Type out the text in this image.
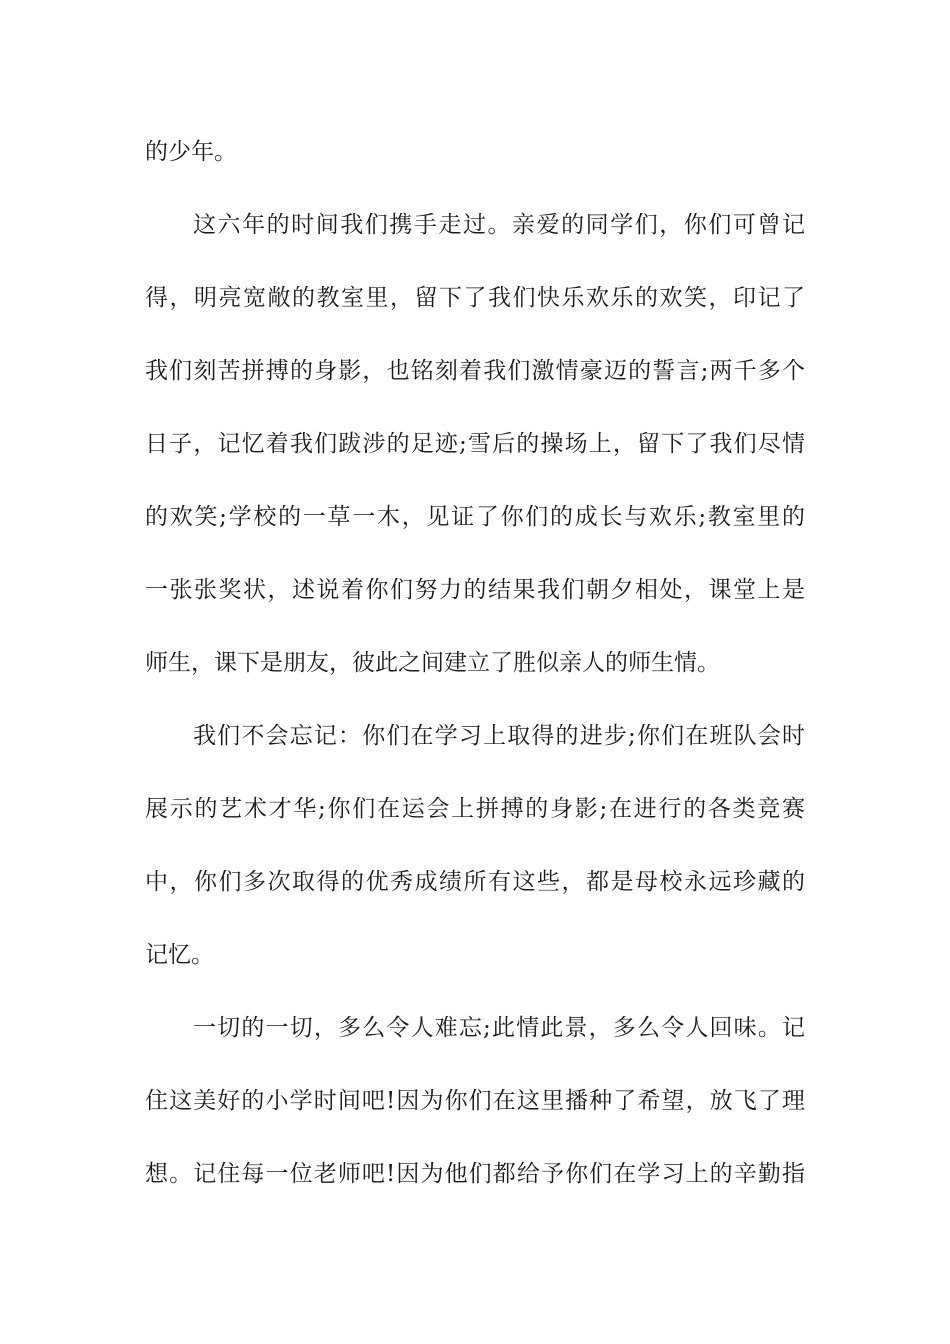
的少年。
这六年的时间我们携手走过。亲爱的同学们，你们可曾记
得，明亮宽敞的教室里，留下了我们快乐欢乐的欢笑，印记了
我们刻苦拼搏的身影，也铭刻着我们激情豪迈的誓言;两千多个
日子，记忆着我们跋涉的足迹;雪后的操场上，留下了我们尽情
的欢笑;学校的一草一木，见证了你们的成长与欢乐;教室里的
一张张奖状，述说着你们努力的结果我们朝夕相处，课堂上是
师生，课下是朋友，彼此之间建立了胜似亲人的师生情。
我们不会忘记：你们在学习上取得的进步;你们在班队会时
展示的艺术才华;你们在运会上拼搏的身影;在进行的各类竞赛
中，你们多次取得的优秀成绩所有这些，都是母校永远珍藏的
记忆。
一切的一切，多么令人难忘;此情此景，多么令人回味。记
住这美好的小学时间吧!因为你们在这里播种了希望，放飞了理
想。记住每一位老师吧!因为他们都给予你们在学习上的辛勤指
